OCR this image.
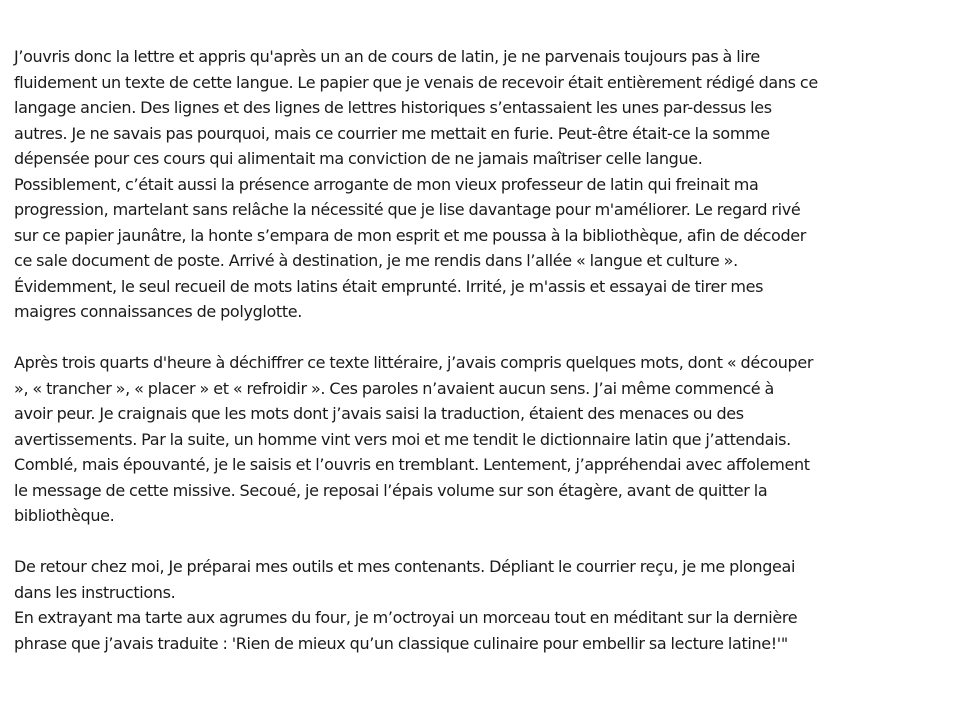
J’ouvris donc la lettre et appris qu'après un an de cours de latin, je ne parvenais toujours pas à lire
fluidement un texte de cette langue. Le papier que je venais de recevoir était entièrement rédigé dans ce
langage ancien. Des lignes et des lignes de lettres historiques s’entassaient les unes par-dessus les
autres. Je ne savais pas pourquoi, mais ce courrier me mettait en furie. Peut-être était-ce la somme
dépensée pour ces cours qui alimentait ma conviction de ne jamais maîtriser celle langue.
Possiblement, c’était aussi la présence arrogante de mon vieux professeur de latin qui freinait ma
progression, martelant sans relâche la nécessité que je lise davantage pour m'améliorer. Le regard rivé
sur ce papier jaunâtre, la honte s’empara de mon esprit et me poussa à la bibliothèque, afin de décoder
ce sale document de poste. Arrivé à destination, je me rendis dans l’allée « langue et culture ».
Évidemment, le seul recueil de mots latins était emprunté. Irrité, je m'assis et essayai de tirer mes
maigres connaissances de polyglotte.
Après trois quarts d'heure à déchiffrer ce texte littéraire, j’avais compris quelques mots, dont « découper
», « trancher », « placer » et « refroidir ». Ces paroles n’avaient aucun sens. J’ai même commencé à
avoir peur. Je craignais que les mots dont j’avais saisi la traduction, étaient des menaces ou des
avertissements. Par la suite, un homme vint vers moi et me tendit le dictionnaire latin que j’attendais.
Comblé, mais épouvanté, je le saisis et l’ouvris en tremblant. Lentement, j’appréhendai avec affolement
le message de cette missive. Secoué, je reposai l’épais volume sur son étagère, avant de quitter la
bibliothèque.
De retour chez moi, Je préparai mes outils et mes contenants. Dépliant le courrier reçu, je me plongeai
dans les instructions.
En extrayant ma tarte aux agrumes du four, je m’octroyai un morceau tout en méditant sur la dernière
phrase que j’avais traduite : 'Rien de mieux qu’un classique culinaire pour embellir sa lecture latine!'"
